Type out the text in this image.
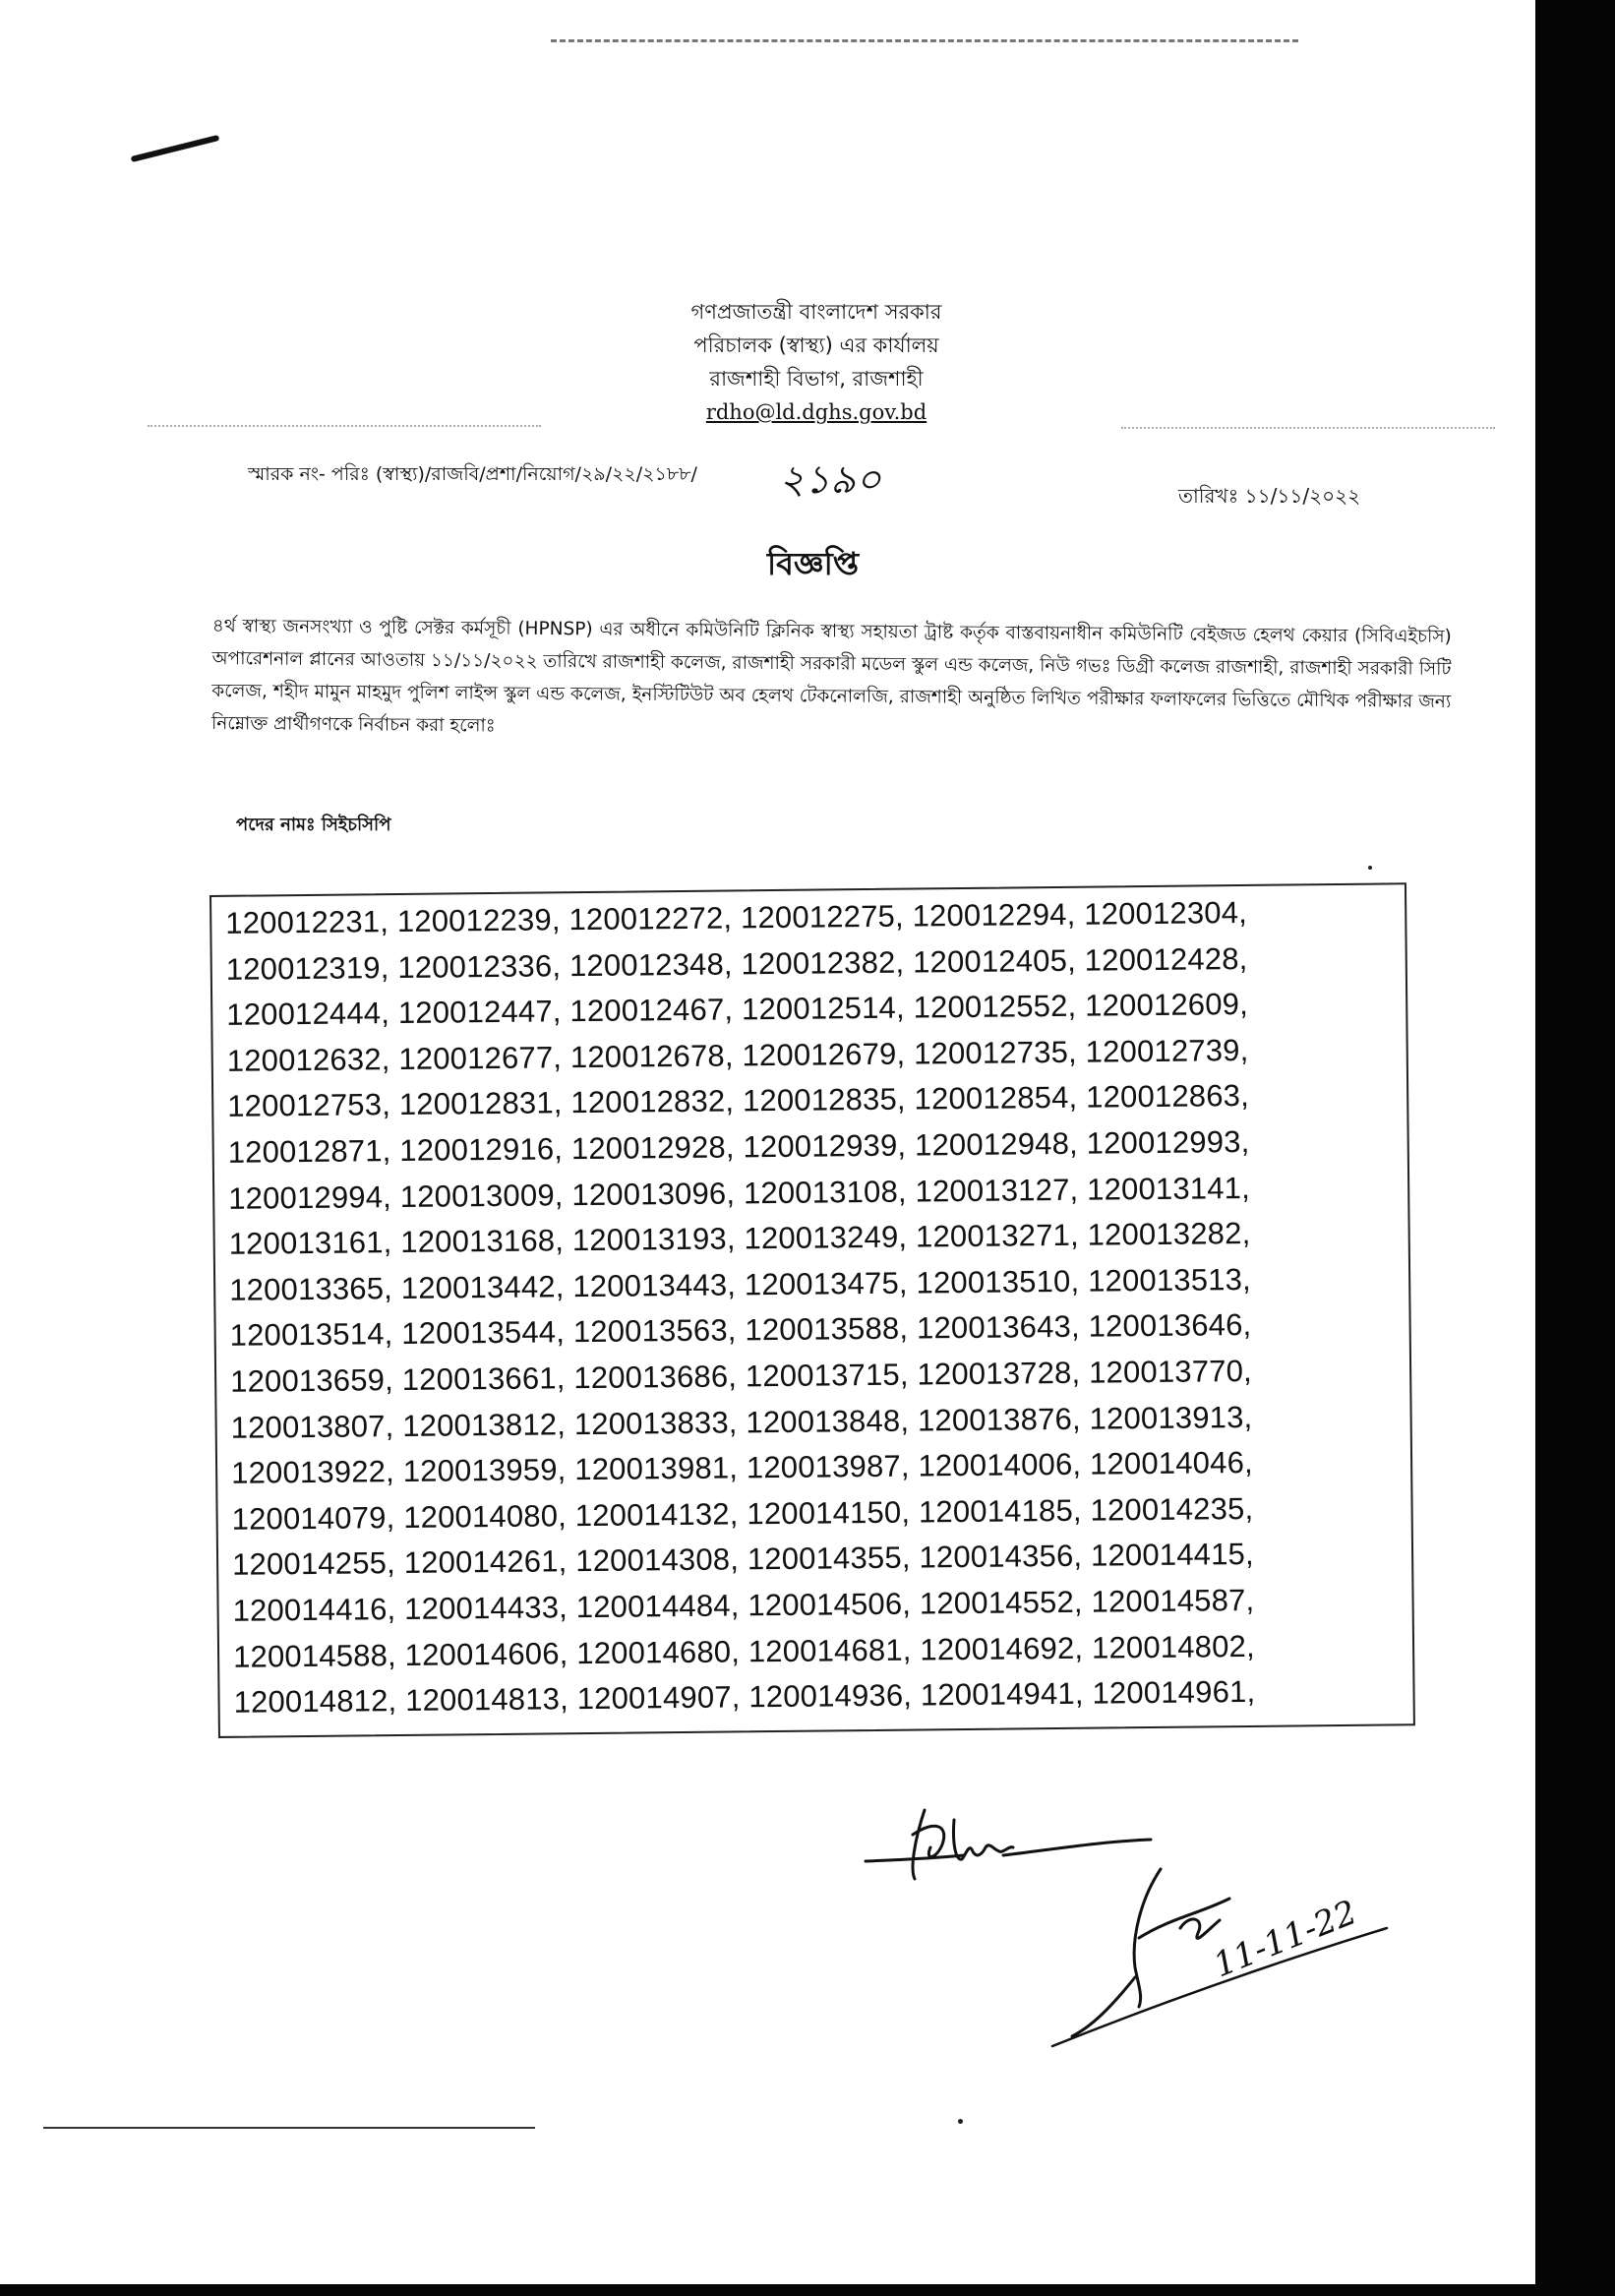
গণপ্রজাতন্ত্রী বাংলাদেশ সরকার
পরিচালক (স্বাস্থ্য) এর কার্যালয়
রাজশাহী বিভাগ, রাজশাহী
rdho@ld.dghs.gov.bd
স্মারক নং- পরিঃ (স্বাস্থ্য)/রাজবি/প্রশা/নিয়োগ/২৯/২২/২১৮৮/ ২১৯০	তারিখঃ ১১/১১/২০২২
বিজ্ঞপ্তি
৪র্থ স্বাস্থ্য জনসংখ্যা ও পুষ্টি সেক্টর কর্মসূচী (HPNSP) এর অধীনে কমিউনিটি ক্লিনিক স্বাস্থ্য সহায়তা ট্রাষ্ট কর্তৃক বাস্তবায়নাধীন কমিউনিটি বেইজড হেলথ কেয়ার (সিবিএইচসি) অপারেশনাল প্লানের আওতায় ১১/১১/২০২২ তারিখে রাজশাহী কলেজ, রাজশাহী সরকারী মডেল স্কুল এন্ড কলেজ, নিউ গভঃ ডিগ্রী কলেজ রাজশাহী, রাজশাহী সরকারী সিটি কলেজ, শহীদ মামুন মাহমুদ পুলিশ লাইন্স স্কুল এন্ড কলেজ, ইনস্টিটিউট অব হেলথ টেকনোলজি, রাজশাহী অনুষ্ঠিত লিখিত পরীক্ষার ফলাফলের ভিত্তিতে মৌখিক পরীক্ষার জন্য নিম্নোক্ত প্রার্থীগণকে নির্বাচন করা হলোঃ
পদের নামঃ সিইচসিপি
120012231, 120012239, 120012272, 120012275, 120012294, 120012304,
120012319, 120012336, 120012348, 120012382, 120012405, 120012428,
120012444, 120012447, 120012467, 120012514, 120012552, 120012609,
120012632, 120012677, 120012678, 120012679, 120012735, 120012739,
120012753, 120012831, 120012832, 120012835, 120012854, 120012863,
120012871, 120012916, 120012928, 120012939, 120012948, 120012993,
120012994, 120013009, 120013096, 120013108, 120013127, 120013141,
120013161, 120013168, 120013193, 120013249, 120013271, 120013282,
120013365, 120013442, 120013443, 120013475, 120013510, 120013513,
120013514, 120013544, 120013563, 120013588, 120013643, 120013646,
120013659, 120013661, 120013686, 120013715, 120013728, 120013770,
120013807, 120013812, 120013833, 120013848, 120013876, 120013913,
120013922, 120013959, 120013981, 120013987, 120014006, 120014046,
120014079, 120014080, 120014132, 120014150, 120014185, 120014235,
120014255, 120014261, 120014308, 120014355, 120014356, 120014415,
120014416, 120014433, 120014484, 120014506, 120014552, 120014587,
120014588, 120014606, 120014680, 120014681, 120014692, 120014802,
120014812, 120014813, 120014907, 120014936, 120014941, 120014961,
11-11-22
